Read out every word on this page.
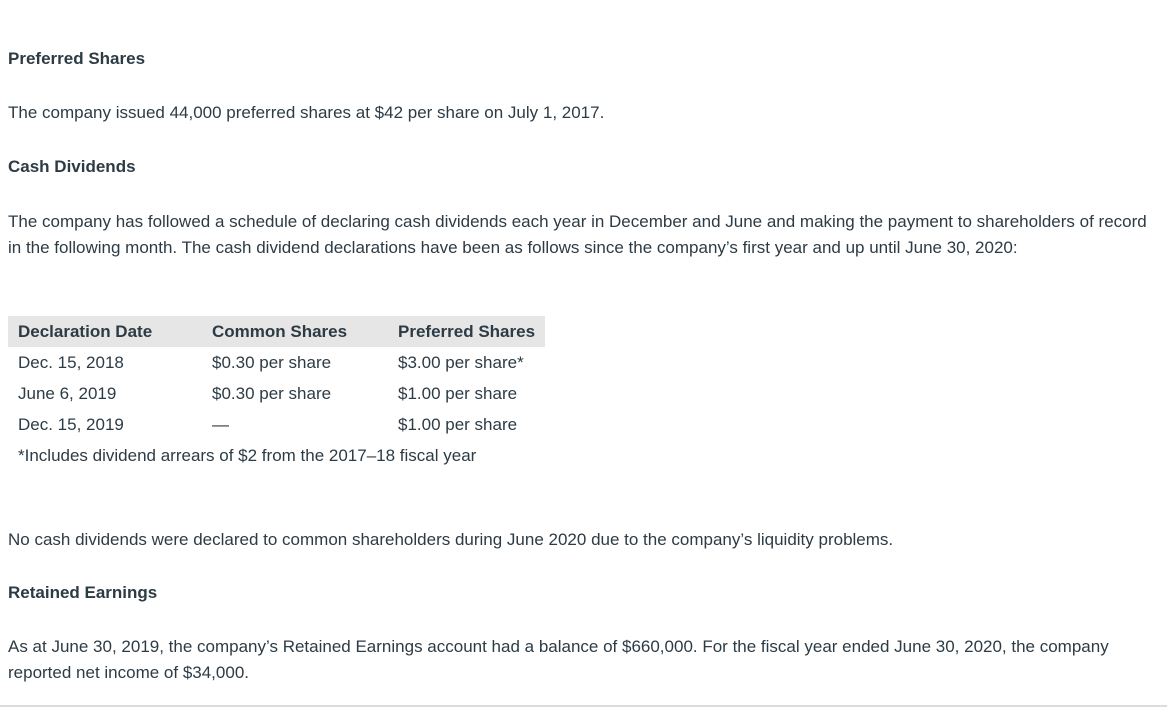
Preferred Shares
The company issued 44,000 preferred shares at $42 per share on July 1, 2017.
Cash Dividends
The company has followed a schedule of declaring cash dividends each year in December and June and making the payment to shareholders of record in the following month. The cash dividend declarations have been as follows since the company’s first year and up until June 30, 2020:
Declaration Date	Common Shares	Preferred Shares
Dec. 15, 2018	$0.30 per share	$3.00 per share*
June 6, 2019	$0.30 per share	$1.00 per share
Dec. 15, 2019	—	$1.00 per share
*Includes dividend arrears of $2 from the 2017–18 fiscal year		
No cash dividends were declared to common shareholders during June 2020 due to the company’s liquidity problems.
Retained Earnings
As at June 30, 2019, the company’s Retained Earnings account had a balance of $660,000. For the fiscal year ended June 30, 2020, the company reported net income of $34,000.
